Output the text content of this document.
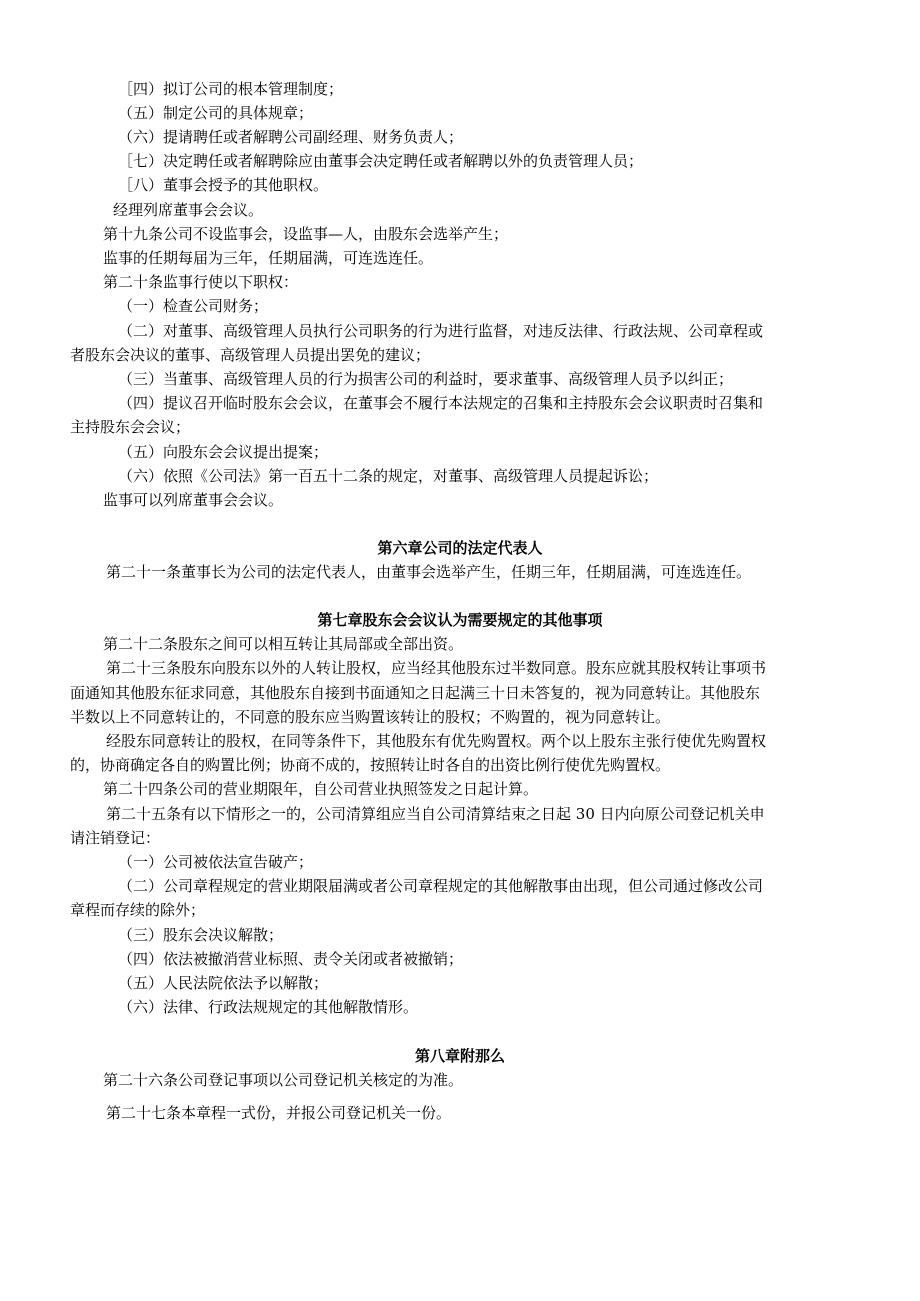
［四）拟订公司的根本管理制度；
（五）制定公司的具体规章；
（六）提请聘任或者解聘公司副经理、财务负责人；
［七）决定聘任或者解聘除应由董事会决定聘任或者解聘以外的负责管理人员；
［八）董事会授予的其他职权。
经理列席董事会会议。
第十九条公司不设监事会，设监事—人，由股东会选举产生；
监事的任期每届为三年，任期届满，可连选连任。
第二十条监事行使以下职权：
（一）检查公司财务；
（二）对董事、高级管理人员执行公司职务的行为进行监督，对违反法律、行政法规、公司章程或
者股东会决议的董事、高级管理人员提出罢免的建议；
（三）当董事、高级管理人员的行为损害公司的利益时，要求董事、高级管理人员予以纠正；
（四）提议召开临时股东会会议，在董事会不履行本法规定的召集和主持股东会会议职责时召集和
主持股东会会议；
（五）向股东会会议提出提案；
（六）依照《公司法》第一百五十二条的规定，对董事、高级管理人员提起诉讼；
监事可以列席董事会会议。
第六章公司的法定代表人
第二十一条董事长为公司的法定代表人，由董事会选举产生，任期三年，任期届满，可连选连任。
第七章股东会会议认为需要规定的其他事项
第二十二条股东之间可以相互转让其局部或全部出资。
第二十三条股东向股东以外的人转让股权，应当经其他股东过半数同意。股东应就其股权转让事项书
面通知其他股东征求同意，其他股东自接到书面通知之日起满三十日未答复的，视为同意转让。其他股东
半数以上不同意转让的，不同意的股东应当购置该转让的股权；不购置的，视为同意转让。
经股东同意转让的股权，在同等条件下，其他股东有优先购置权。两个以上股东主张行使优先购置权
的，协商确定各自的购置比例；协商不成的，按照转让时各自的出资比例行使优先购置权。
第二十四条公司的营业期限年，自公司营业执照签发之日起计算。
第二十五条有以下情形之一的，公司清算组应当自公司清算结束之日起 30 日内向原公司登记机关申
请注销登记：
（一）公司被依法宣告破产；
（二）公司章程规定的营业期限届满或者公司章程规定的其他解散事由出现，但公司通过修改公司
章程而存续的除外；
（三）股东会决议解散；
（四）依法被撤消营业标照、责令关闭或者被撤销；
（五）人民法院依法予以解散；
（六）法律、行政法规规定的其他解散情形。
第八章附那么
第二十六条公司登记事项以公司登记机关核定的为准。
第二十七条本章程一式份，并报公司登记机关一份。
